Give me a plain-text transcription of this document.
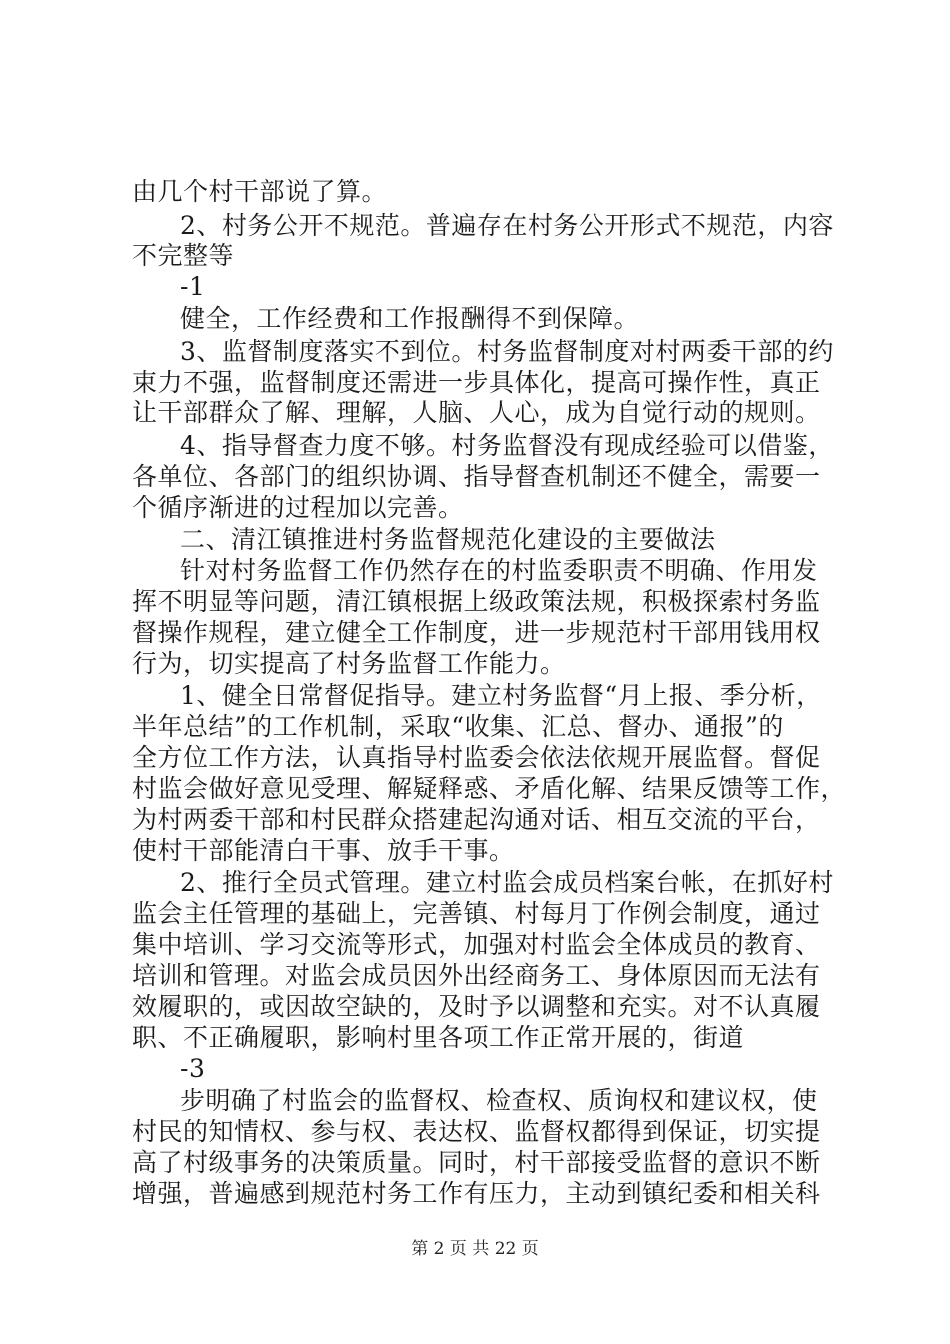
由几个村干部说了算。
2、村务公开不规范。普遍存在村务公开形式不规范，内容
不完整等
-1
健全，工作经费和工作报酬得不到保障。
3、监督制度落实不到位。村务监督制度对村两委干部的约
束力不强，监督制度还需进一步具体化，提高可操作性，真正
让干部群众了解、理解，人脑、人心，成为自觉行动的规则。
4、指导督查力度不够。村务监督没有现成经验可以借鉴，
各单位、各部门的组织协调、指导督查机制还不健全，需要一
个循序渐进的过程加以完善。
二、清江镇推进村务监督规范化建设的主要做法
针对村务监督工作仍然存在的村监委职责不明确、作用发
挥不明显等问题，清江镇根据上级政策法规，积极探索村务监
督操作规程，建立健全工作制度，进一步规范村干部用钱用权
行为，切实提高了村务监督工作能力。
1、健全日常督促指导。建立村务监督“月上报、季分析，
半年总结”的工作机制，采取“收集、汇总、督办、通报”的
全方位工作方法，认真指导村监委会依法依规开展监督。督促
村监会做好意见受理、解疑释惑、矛盾化解、结果反馈等工作，
为村两委干部和村民群众搭建起沟通对话、相互交流的平台，
使村干部能清白干事、放手干事。
2、推行全员式管理。建立村监会成员档案台帐，在抓好村
监会主任管理的基础上，完善镇、村每月丁作例会制度，通过
集中培训、学习交流等形式，加强对村监会全体成员的教育、
培训和管理。对监会成员因外出经商务工、身体原因而无法有
效履职的，或因故空缺的，及时予以调整和充实。对不认真履
职、不正确履职，影响村里各项工作正常开展的，街道
-3
步明确了村监会的监督权、检查权、质询权和建议权，使
村民的知情权、参与权、表达权、监督权都得到保证，切实提
高了村级事务的决策质量。同时，村干部接受监督的意识不断
增强，普遍感到规范村务工作有压力，主动到镇纪委和相关科
第 2 页 共 22 页
